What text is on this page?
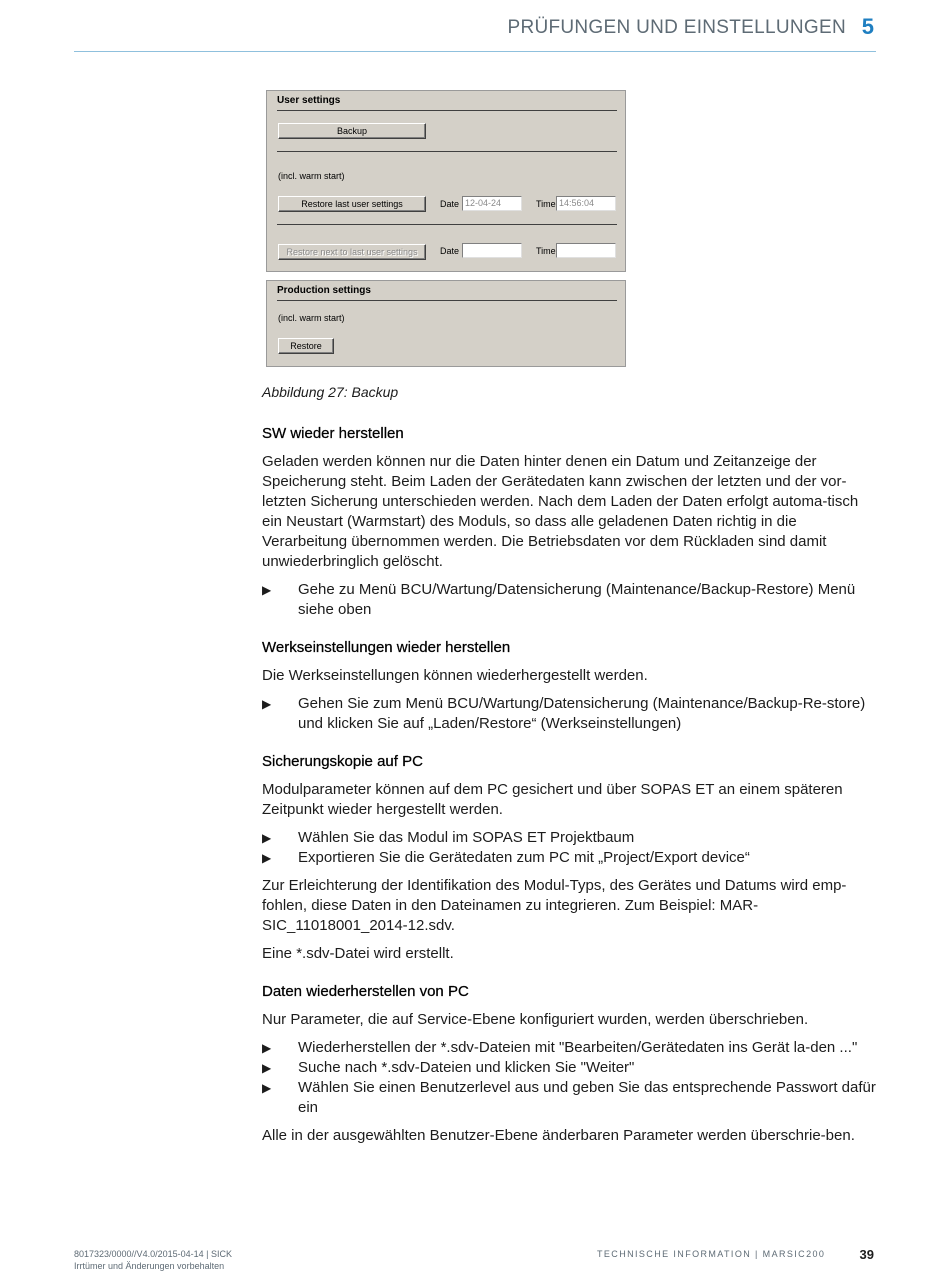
PRÜFUNGEN UND EINSTELLUNGEN 5
User settings
Backup
(incl. warm start)
Restore last user settings	Date 12-04-24	Time 14:56:04
Restore next to last user settings	Date	Time
Production settings
(incl. warm start)
Restore
Abbildung 27: Backup
SW wieder herstellen

Geladen werden können nur die Daten hinter denen ein Datum und Zeitanzeige der Speicherung steht. Beim Laden der Gerätedaten kann zwischen der letzten und der vor-letzten Sicherung unterschieden werden. Nach dem Laden der Daten erfolgt automa-tisch ein Neustart (Warmstart) des Moduls, so dass alle geladenen Daten richtig in die Verarbeitung übernommen werden. Die Betriebsdaten vor dem Rückladen sind damit unwiederbringlich gelöscht.

▶ Gehe zu Menü BCU/Wartung/Datensicherung (Maintenance/Backup-Restore) Menü siehe oben
Werkseinstellungen wieder herstellen

Die Werkseinstellungen können wiederhergestellt werden.

▶ Gehen Sie zum Menü BCU/Wartung/Datensicherung (Maintenance/Backup-Re-store) und klicken Sie auf „Laden/Restore“ (Werkseinstellungen)
Sicherungskopie auf PC

Modulparameter können auf dem PC gesichert und über SOPAS ET an einem späteren Zeitpunkt wieder hergestellt werden.

▶ Wählen Sie das Modul im SOPAS ET Projektbaum
▶ Exportieren Sie die Gerätedaten zum PC mit „Project/Export device“

Zur Erleichterung der Identifikation des Modul-Typs, des Gerätes und Datums wird emp-fohlen, diese Daten in den Dateinamen zu integrieren. Zum Beispiel: MAR-SIC_11018001_2014-12.sdv.

Eine *.sdv-Datei wird erstellt.

Daten wiederherstellen von PC

Nur Parameter, die auf Service-Ebene konfiguriert wurden, werden überschrieben.

▶ Wiederherstellen der *.sdv-Dateien mit "Bearbeiten/Gerätedaten ins Gerät la-den ..."
▶ Suche nach *.sdv-Dateien und klicken Sie "Weiter"
▶ Wählen Sie einen Benutzerlevel aus und geben Sie das entsprechende Passwort dafür ein

Alle in der ausgewählten Benutzer-Ebene änderbaren Parameter werden überschrie-ben.

8017323/0000//V4.0/2015-04-14 | SICK
Irrtümer und Änderungen vorbehalten
TECHNISCHE INFORMATION | MARSIC200	39
